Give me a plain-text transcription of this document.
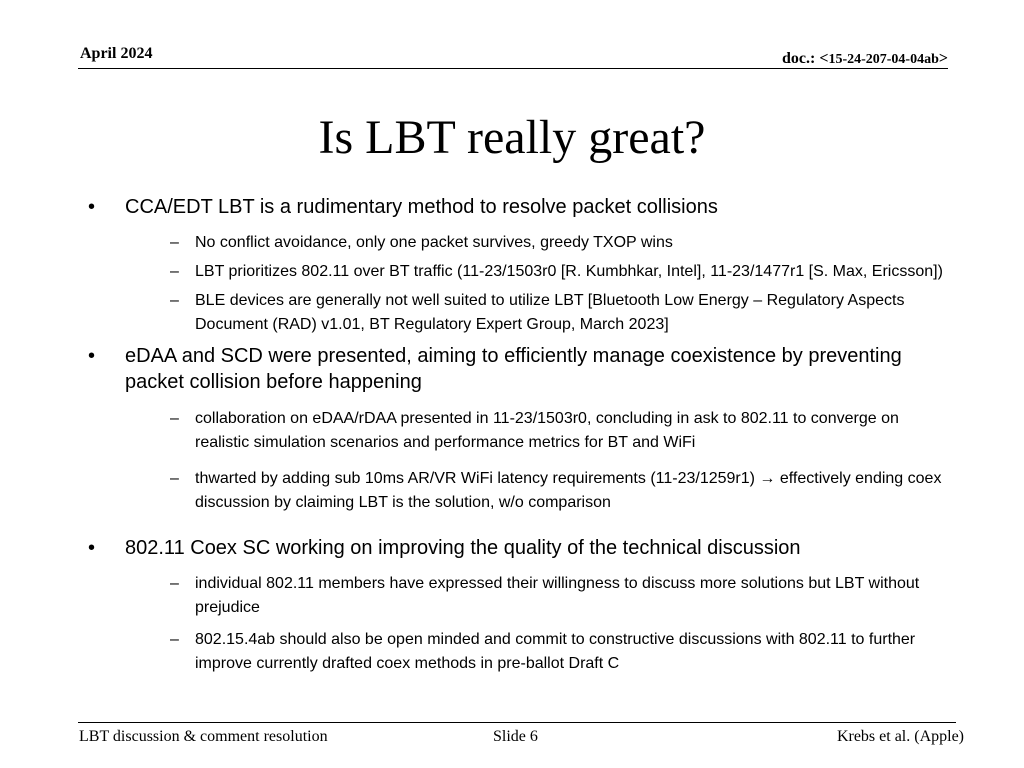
April 2024	doc.: <15-24-207-04-04ab>
Is LBT really great?
• CCA/EDT LBT is a rudimentary method to resolve packet collisions
– No conflict avoidance, only one packet survives, greedy TXOP wins
– LBT prioritizes 802.11 over BT traffic (11-23/1503r0 [R. Kumbhkar, Intel], 11-23/1477r1 [S. Max, Ericsson])
– BLE devices are generally not well suited to utilize LBT [Bluetooth Low Energy – Regulatory Aspects Document (RAD) v1.01, BT Regulatory Expert Group, March 2023]
• eDAA and SCD were presented, aiming to efficiently manage coexistence by preventing packet collision before happening
– collaboration on eDAA/rDAA presented in 11-23/1503r0, concluding in ask to 802.11 to converge on realistic simulation scenarios and performance metrics for BT and WiFi
– thwarted by adding sub 10ms AR/VR WiFi latency requirements (11-23/1259r1) → effectively ending coex discussion by claiming LBT is the solution, w/o comparison
• 802.11 Coex SC working on improving the quality of the technical discussion
– individual 802.11 members have expressed their willingness to discuss more solutions but LBT without prejudice
– 802.15.4ab should also be open minded and commit to constructive discussions with 802.11 to further improve currently drafted coex methods in pre-ballot Draft C
LBT discussion & comment resolution	Slide 6	Krebs et al. (Apple)
